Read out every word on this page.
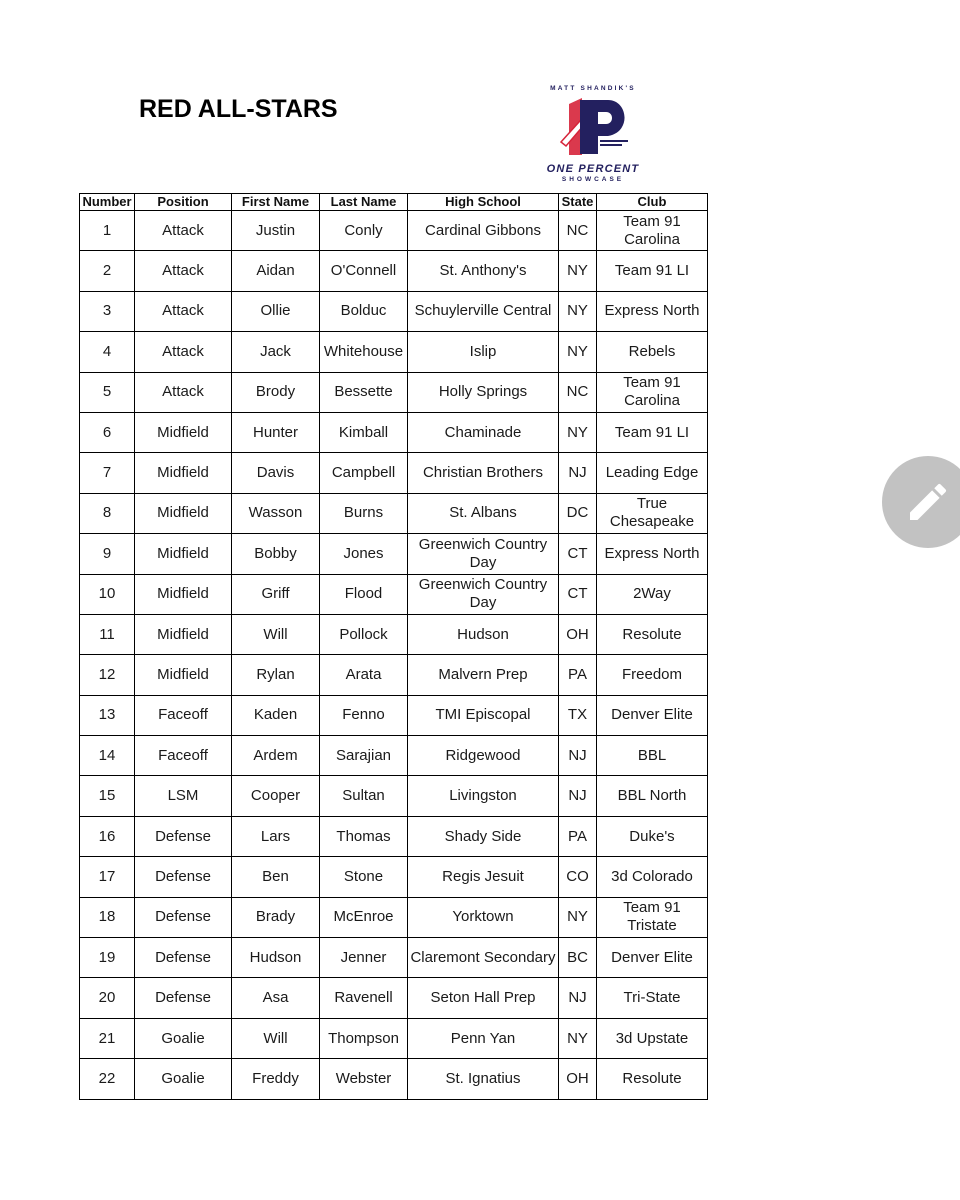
RED ALL-STARS
MATT SHANDIK'S
ONE PERCENT
SHOWCASE
Number	Position	First Name	Last Name	High School	State	Club
1	Attack	Justin	Conly	Cardinal Gibbons	NC	Team 91 Carolina
2	Attack	Aidan	O'Connell	St. Anthony's	NY	Team 91 LI
3	Attack	Ollie	Bolduc	Schuylerville Central	NY	Express North
4	Attack	Jack	Whitehouse	Islip	NY	Rebels
5	Attack	Brody	Bessette	Holly Springs	NC	Team 91 Carolina
6	Midfield	Hunter	Kimball	Chaminade	NY	Team 91 LI
7	Midfield	Davis	Campbell	Christian Brothers	NJ	Leading Edge
8	Midfield	Wasson	Burns	St. Albans	DC	True Chesapeake
9	Midfield	Bobby	Jones	Greenwich Country Day	CT	Express North
10	Midfield	Griff	Flood	Greenwich Country Day	CT	2Way
11	Midfield	Will	Pollock	Hudson	OH	Resolute
12	Midfield	Rylan	Arata	Malvern Prep	PA	Freedom
13	Faceoff	Kaden	Fenno	TMI Episcopal	TX	Denver Elite
14	Faceoff	Ardem	Sarajian	Ridgewood	NJ	BBL
15	LSM	Cooper	Sultan	Livingston	NJ	BBL North
16	Defense	Lars	Thomas	Shady Side	PA	Duke's
17	Defense	Ben	Stone	Regis Jesuit	CO	3d Colorado
18	Defense	Brady	McEnroe	Yorktown	NY	Team 91 Tristate
19	Defense	Hudson	Jenner	Claremont Secondary	BC	Denver Elite
20	Defense	Asa	Ravenell	Seton Hall Prep	NJ	Tri-State
21	Goalie	Will	Thompson	Penn Yan	NY	3d Upstate
22	Goalie	Freddy	Webster	St. Ignatius	OH	Resolute
